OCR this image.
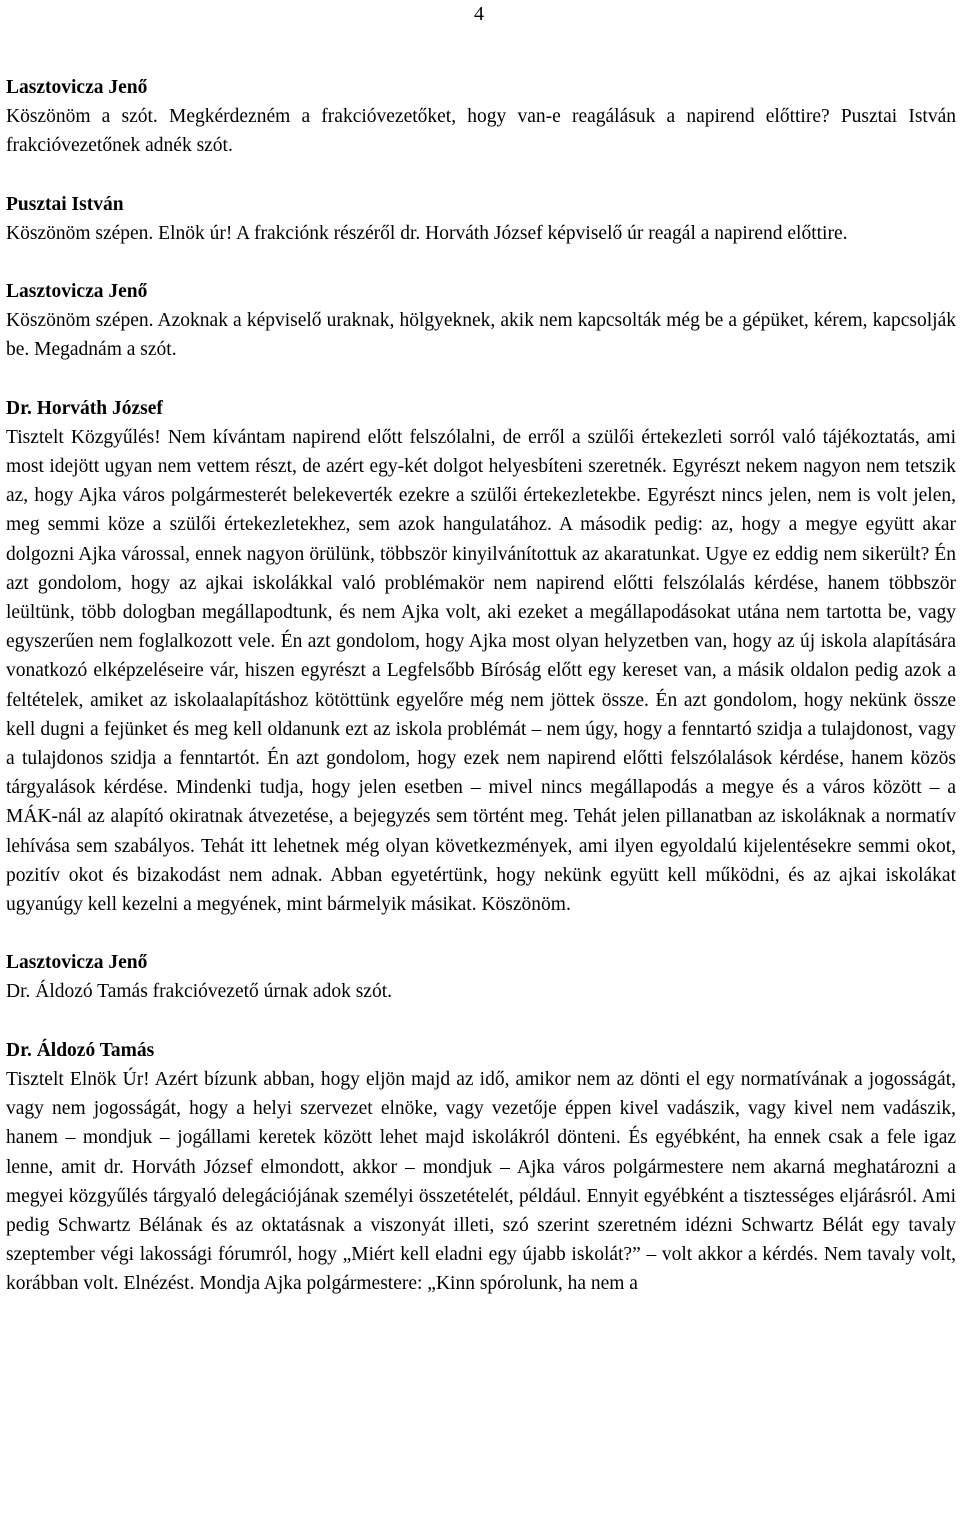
4
Lasztovicza Jenő
Köszönöm a szót. Megkérdezném a frakcióvezetőket, hogy van-e reagálásuk a napirend előttire? Pusztai István frakcióvezetőnek adnék szót.
Pusztai István
Köszönöm szépen. Elnök úr! A frakciónk részéről dr. Horváth József képviselő úr reagál a napirend előttire.
Lasztovicza Jenő
Köszönöm szépen. Azoknak a képviselő uraknak, hölgyeknek, akik nem kapcsolták még be a gépüket, kérem, kapcsolják be. Megadnám a szót.
Dr. Horváth József
Tisztelt Közgyűlés! Nem kívántam napirend előtt felszólalni, de erről a szülői értekezleti sorról való tájékoztatás, ami most idejött ugyan nem vettem részt, de azért egy-két dolgot helyesbíteni szeretnék. Egyrészt nekem nagyon nem tetszik az, hogy Ajka város polgármesterét belekeverték ezekre a szülői értekezletekbe. Egyrészt nincs jelen, nem is volt jelen, meg semmi köze a szülői értekezletekhez, sem azok hangulatához. A második pedig: az, hogy a megye együtt akar dolgozni Ajka várossal, ennek nagyon örülünk, többször kinyilvánítottuk az akaratunkat. Ugye ez eddig nem sikerült? Én azt gondolom, hogy az ajkai iskolákkal való problémakör nem napirend előtti felszólalás kérdése, hanem többször leültünk, több dologban megállapodtunk, és nem Ajka volt, aki ezeket a megállapodásokat utána nem tartotta be, vagy egyszerűen nem foglalkozott vele. Én azt gondolom, hogy Ajka most olyan helyzetben van, hogy az új iskola alapítására vonatkozó elképzeléseire vár, hiszen egyrészt a Legfelsőbb Bíróság előtt egy kereset van, a másik oldalon pedig azok a feltételek, amiket az iskolaalapításhoz kötöttünk egyelőre még nem jöttek össze. Én azt gondolom, hogy nekünk össze kell dugni a fejünket és meg kell oldanunk ezt az iskola problémát – nem úgy, hogy a fenntartó szidja a tulajdonost, vagy a tulajdonos szidja a fenntartót. Én azt gondolom, hogy ezek nem napirend előtti felszólalások kérdése, hanem közös tárgyalások kérdése. Mindenki tudja, hogy jelen esetben – mivel nincs megállapodás a megye és a város között – a MÁK-nál az alapító okiratnak átvezetése, a bejegyzés sem történt meg. Tehát jelen pillanatban az iskoláknak a normatív lehívása sem szabályos. Tehát itt lehetnek még olyan következmények, ami ilyen egyoldalú kijelentésekre semmi okot, pozitív okot és bizakodást nem adnak. Abban egyetértünk, hogy nekünk együtt kell működni, és az ajkai iskolákat ugyanúgy kell kezelni a megyének, mint bármelyik másikat. Köszönöm.
Lasztovicza Jenő
Dr. Áldozó Tamás frakcióvezető úrnak adok szót.
Dr. Áldozó Tamás
Tisztelt Elnök Úr! Azért bízunk abban, hogy eljön majd az idő, amikor nem az dönti el egy normatívának a jogosságát, vagy nem jogosságát, hogy a helyi szervezet elnöke, vagy vezetője éppen kivel vadászik, vagy kivel nem vadászik, hanem – mondjuk – jogállami keretek között lehet majd iskolákról dönteni. És egyébként, ha ennek csak a fele igaz lenne, amit dr. Horváth József elmondott, akkor – mondjuk – Ajka város polgármestere nem akarná meghatározni a megyei közgyűlés tárgyaló delegációjának személyi összetételét, például. Ennyit egyébként a tisztességes eljárásról. Ami pedig Schwartz Bélának és az oktatásnak a viszonyát illeti, szó szerint szeretném idézni Schwartz Bélát egy tavaly szeptember végi lakossági fórumról, hogy „Miért kell eladni egy újabb iskolát?” – volt akkor a kérdés. Nem tavaly volt, korábban volt. Elnézést. Mondja Ajka polgármestere: „Kinn spórolunk, ha nem a
